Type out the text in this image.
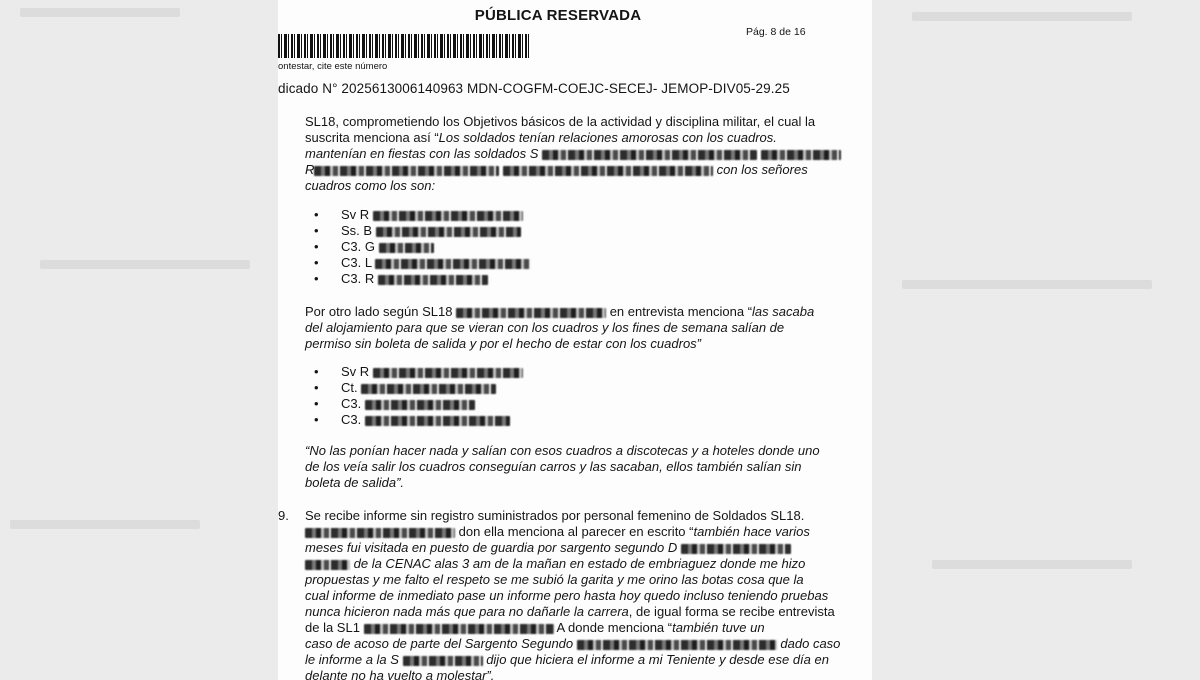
PÚBLICA RESERVADA
Pág. 8 de 16
ontestar, cite este número
dicado N° 2025613006140963 MDN-COGFM-COEJC-SECEJ- JEMOP-DIV05-29.25
SL18, comprometiendo los Objetivos básicos de la actividad y disciplina militar, el cual la
suscrita menciona así “Los soldados tenían relaciones amorosas con los cuadros.
mantenían en fiestas con las soldados S
R	con los señores
cuadros como los son:
• Sv R
• Ss. B
• C3. G
• C3. L
• C3. R
Por otro lado según SL18	en entrevista menciona “las sacaba
del alojamiento para que se vieran con los cuadros y los fines de semana salían de
permiso sin boleta de salida y por el hecho de estar con los cuadros”
• Sv R
• Ct.
• C3.
• C3.
“No las ponían hacer nada y salían con esos cuadros a discotecas y a hoteles donde uno
de los veía salir los cuadros conseguían carros y las sacaban, ellos también salían sin
boleta de salida”.
9. Se recibe informe sin registro suministrados por personal femenino de Soldados SL18.
don ella menciona al parecer en escrito “también hace varios
meses fui visitada en puesto de guardia por sargento segundo D
de la CENAC alas 3 am de la mañan en estado de embriaguez donde me hizo
propuestas y me falto el respeto se me subió la garita y me orino las botas cosa que la
cual informe de inmediato pase un informe pero hasta hoy quedo incluso teniendo pruebas
nunca hicieron nada más que para no dañarle la carrera, de igual forma se recibe entrevista
de la SL1	A donde menciona “también tuve un
caso de acoso de parte del Sargento Segundo	dado caso
le informe a la S	dijo que hiciera el informe a mi Teniente y desde ese día en
delante no ha vuelto a molestar”.
